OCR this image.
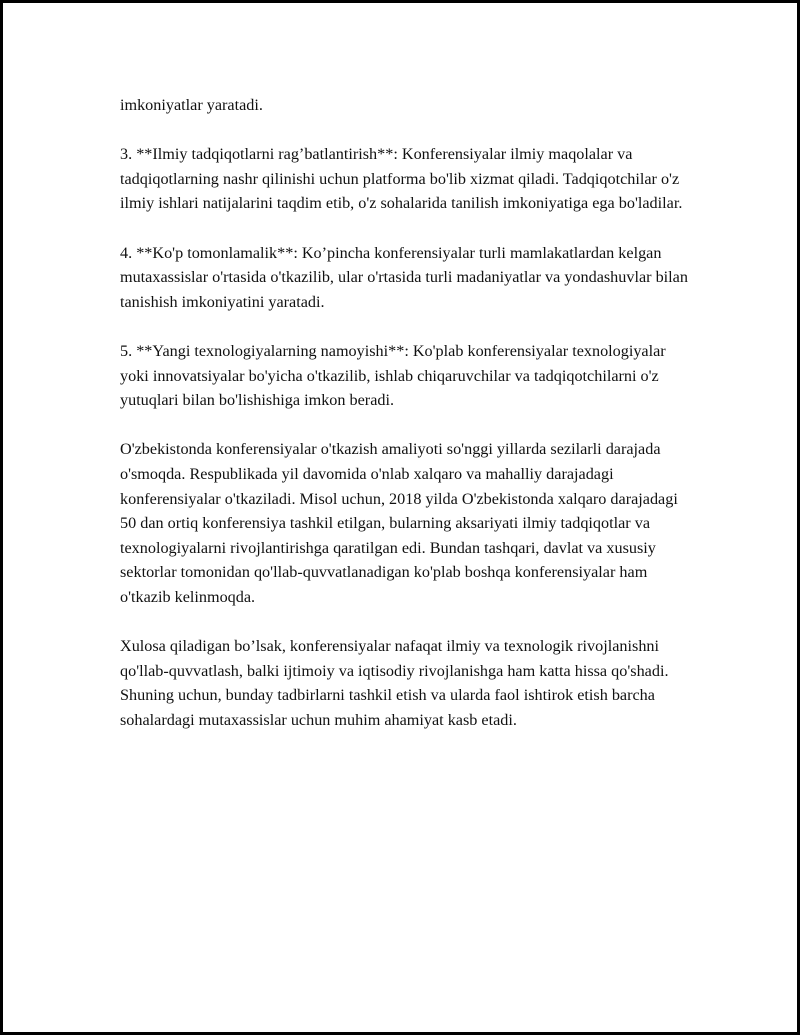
imkoniyatlar yaratadi.

3. **Ilmiy tadqiqotlarni rag’batlantirish**: Konferensiyalar ilmiy maqolalar va tadqiqotlarning nashr qilinishi uchun platforma bo'lib xizmat qiladi. Tadqiqotchilar o'z ilmiy ishlari natijalarini taqdim etib, o'z sohalarida tanilish imkoniyatiga ega bo'ladilar.

4. **Ko'p tomonlamalik**: Ko’pincha konferensiyalar turli mamlakatlardan kelgan mutaxassislar o'rtasida o'tkazilib, ular o'rtasida turli madaniyatlar va yondashuvlar bilan tanishish imkoniyatini yaratadi.

5. **Yangi texnologiyalarning namoyishi**: Ko'plab konferensiyalar texnologiyalar yoki innovatsiyalar bo'yicha o'tkazilib, ishlab chiqaruvchilar va tadqiqotchilarni o'z yutuqlari bilan bo'lishishiga imkon beradi.

O'zbekistonda konferensiyalar o'tkazish amaliyoti so'nggi yillarda sezilarli darajada o'smoqda. Respublikada yil davomida o'nlab xalqaro va mahalliy darajadagi konferensiyalar o'tkaziladi. Misol uchun, 2018 yilda O'zbekistonda xalqaro darajadagi 50 dan ortiq konferensiya tashkil etilgan, bularning aksariyati ilmiy tadqiqotlar va texnologiyalarni rivojlantirishga qaratilgan edi. Bundan tashqari, davlat va xususiy sektorlar tomonidan qo'llab-quvvatlanadigan ko'plab boshqa konferensiyalar ham o'tkazib kelinmoqda.

Xulosa qiladigan bo’lsak, konferensiyalar nafaqat ilmiy va texnologik rivojlanishni qo'llab-quvvatlash, balki ijtimoiy va iqtisodiy rivojlanishga ham katta hissa qo'shadi. Shuning uchun, bunday tadbirlarni tashkil etish va ularda faol ishtirok etish barcha sohalardagi mutaxassislar uchun muhim ahamiyat kasb etadi.
